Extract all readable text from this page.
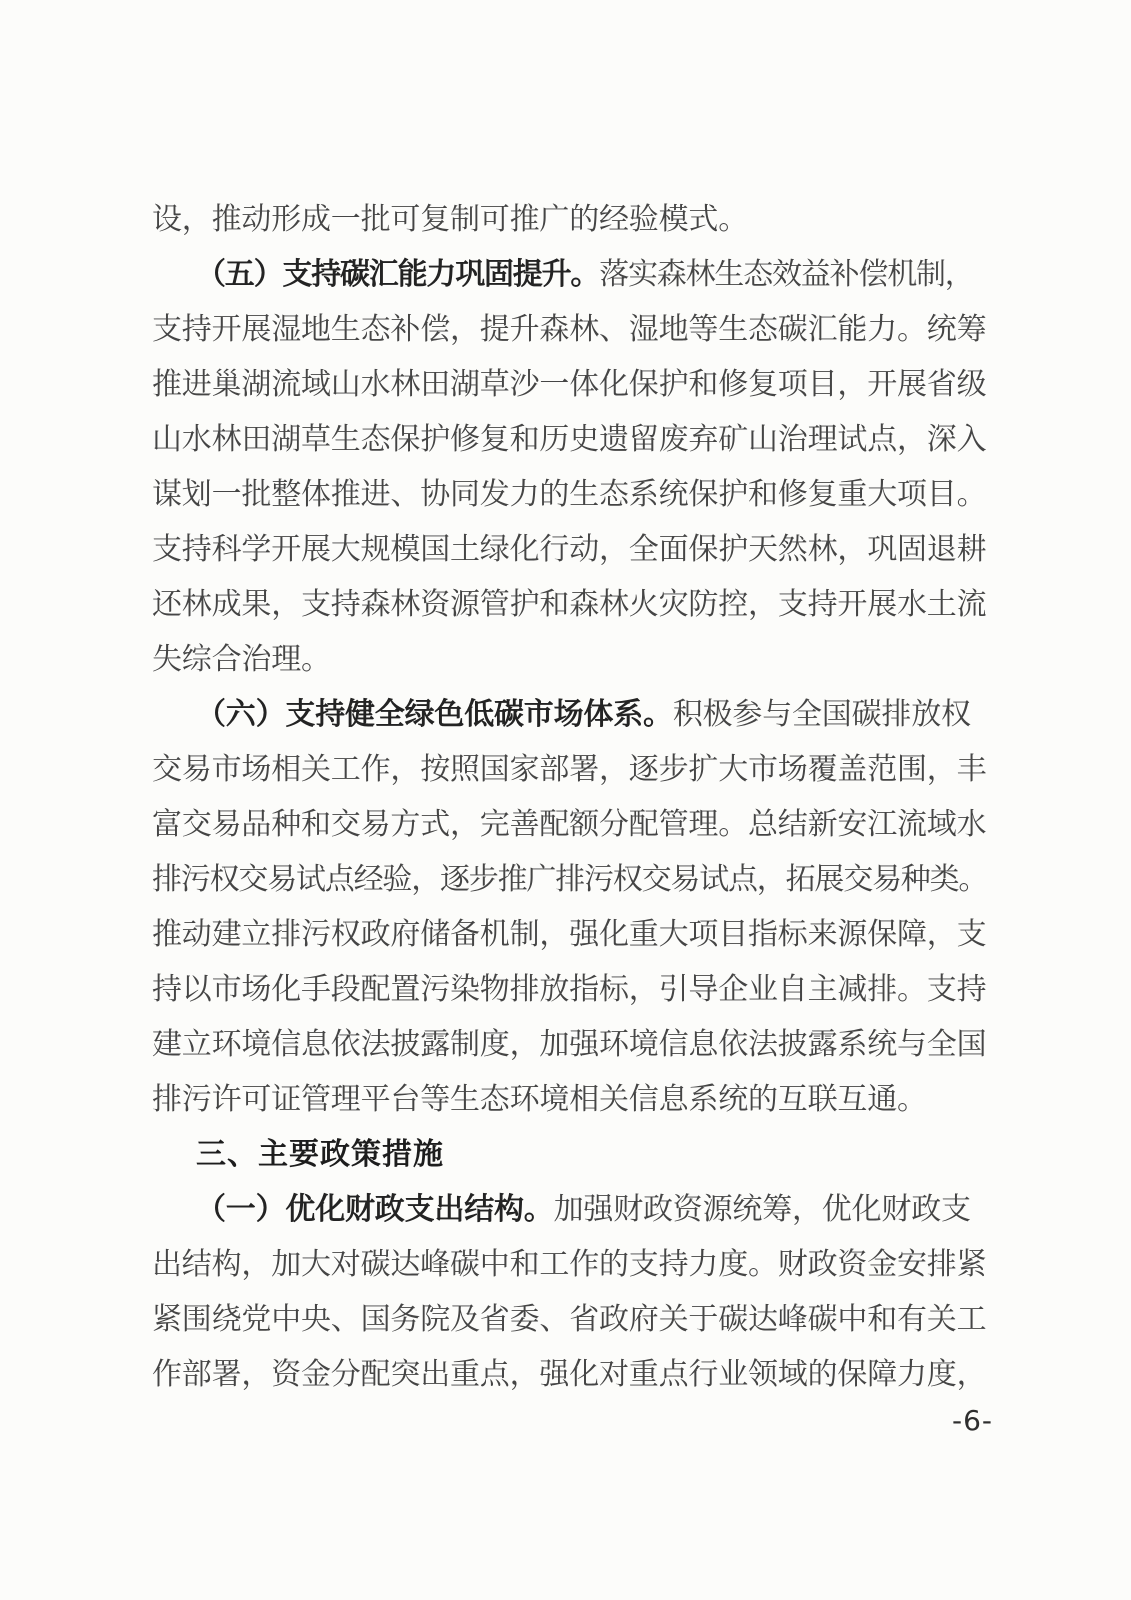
设，推动形成一批可复制可推广的经验模式。
（五）支持碳汇能力巩固提升。落实森林生态效益补偿机制，
支持开展湿地生态补偿，提升森林、湿地等生态碳汇能力。统筹
推进巢湖流域山水林田湖草沙一体化保护和修复项目，开展省级
山水林田湖草生态保护修复和历史遗留废弃矿山治理试点，深入
谋划一批整体推进、协同发力的生态系统保护和修复重大项目。
支持科学开展大规模国土绿化行动，全面保护天然林，巩固退耕
还林成果，支持森林资源管护和森林火灾防控，支持开展水土流
失综合治理。
（六）支持健全绿色低碳市场体系。积极参与全国碳排放权
交易市场相关工作，按照国家部署，逐步扩大市场覆盖范围，丰
富交易品种和交易方式，完善配额分配管理。总结新安江流域水
排污权交易试点经验，逐步推广排污权交易试点，拓展交易种类。
推动建立排污权政府储备机制，强化重大项目指标来源保障，支
持以市场化手段配置污染物排放指标，引导企业自主减排。支持
建立环境信息依法披露制度，加强环境信息依法披露系统与全国
排污许可证管理平台等生态环境相关信息系统的互联互通。
三、主要政策措施
（一）优化财政支出结构。加强财政资源统筹，优化财政支
出结构，加大对碳达峰碳中和工作的支持力度。财政资金安排紧
紧围绕党中央、国务院及省委、省政府关于碳达峰碳中和有关工
作部署，资金分配突出重点，强化对重点行业领域的保障力度，
-6-
